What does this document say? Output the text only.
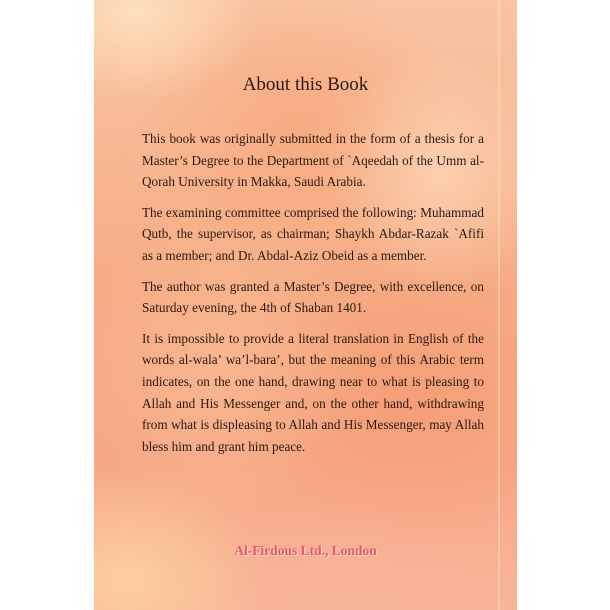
About this Book

This book was originally submitted in the form of a thesis for a Master’s Degree to the Department of `Aqeedah of the Umm al-Qorah University in Makka, Saudi Arabia.

The examining committee comprised the following: Muhammad Qutb, the supervisor, as chairman; Shaykh Abdar-Razak `Afifi as a member; and Dr. Abdal-Aziz Obeid as a member.

The author was granted a Master’s Degree, with excellence, on Saturday evening, the 4th of Shaban 1401.

It is impossible to provide a literal translation in English of the words al-wala’ wa’l-bara’, but the meaning of this Arabic term indicates, on the one hand, drawing near to what is pleasing to Allah and His Messenger and, on the other hand, withdrawing from what is displeasing to Allah and His Messenger, may Allah bless him and grant him peace.

Al-Firdous Ltd., London
